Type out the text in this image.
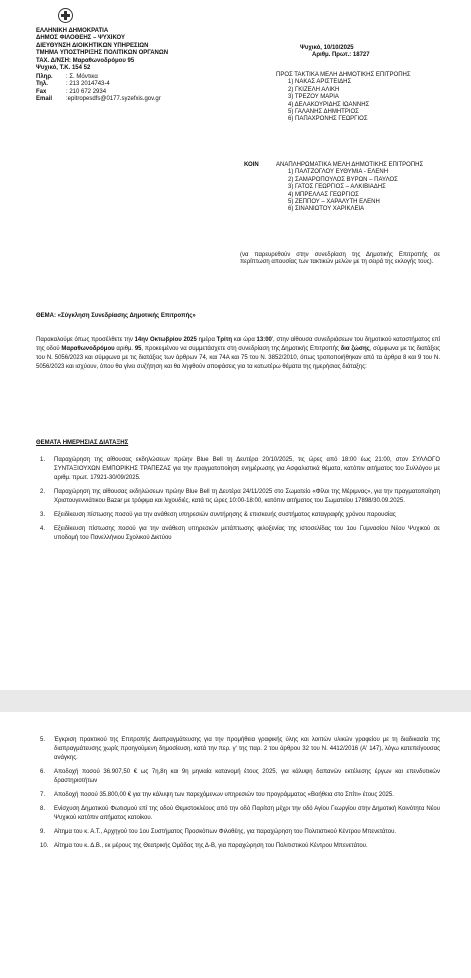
ΕΛΛΗΝΙΚΗ ΔΗΜΟΚΡΑΤΙΑ
ΔΗΜΟΣ ΦΙΛΟΘΕΗΣ – ΨΥΧΙΚΟΥ
ΔΙΕΥΘΥΝΣΗ ΔΙΟΙΚΗΤΙΚΩΝ ΥΠΗΡΕΣΙΩΝ
ΤΜΗΜΑ ΥΠΟΣΤΗΡΙΞΗΣ ΠΟΛΙΤΙΚΩΝ ΟΡΓΑΝΩΝ
ΤΑΧ. Δ/ΝΣΗ: Μαραθωνοδρόμου 95
Ψυχικό, Τ.Κ. 154 52
Πληρ.	: Σ. Μόντικα
Τηλ.	: 213 2014743-4
Fax	: 210 672 2934
Email	:epitropesdfs@0177.syzefxis.gov.gr
Ψυχικό, 10/10/2025
Αριθμ. Πρωτ.: 18727
ΠΡΟΣ ΤΑΚΤΙΚΑ ΜΕΛΗ ΔΗΜΟΤΙΚΗΣ ΕΠΙΤΡΟΠΗΣ
1) ΝΑΚΑΣ ΑΡΙΣΤΕΙΔΗΣ
2) ΓΚΙΖΕΛΗ ΑΛΙΚΗ
3) ΤΡΕΖΟΥ ΜΑΡΙΑ
4) ΔΕΛΑΚΟΥΡΙΔΗΣ ΙΩΑΝΝΗΣ
5) ΓΑΛΑΝΗΣ ΔΗΜΗΤΡΙΟΣ
6) ΠΑΠΑΧΡΟΝΗΣ ΓΕΩΡΓΙΟΣ
ΚΟΙΝ	ΑΝΑΠΛΗΡΩΜΑΤΙΚΑ ΜΕΛΗ ΔΗΜΟΤΙΚΗΣ ΕΠΙΤΡΟΠΗΣ
1) ΠΑΛΤΖΟΓΛΟΥ ΕΥΘΥΜΙΑ - ΕΛΕΝΗ
2) ΣΑΜΑΡΟΠΟΥΛΟΣ ΒΥΡΩΝ – ΠΑΥΛΟΣ
3) ΓΑΤΟΣ ΓΕΩΡΓΙΟΣ – ΑΛΚΙΒΙΑΔΗΣ
4) ΜΠΡΕΛΛΑΣ ΓΕΩΡΓΙΟΣ
5) ΖΕΠΠΟΥ – ΧΑΡΑΛΥΤΗ ΕΛΕΝΗ
6) ΣΙΝΑΝΙΩΤΟΥ ΧΑΡΙΚΛΕΙΑ
(να παρευρεθούν στην συνεδρίαση της Δημοτικής Επιτροπής σε περίπτωση απουσίας των τακτικών μελών με τη σειρά της εκλογής τους).
ΘΕΜΑ: «Σύγκληση Συνεδρίασης Δημοτικής Επιτροπής»
Παρακαλούμε όπως προσέλθετε την 14ην Οκτωβρίου 2025 ημέρα Τρίτη και ώρα 13:00', στην αίθουσα συνεδριάσεων του δημοτικού καταστήματος επί της οδού Μαραθωνοδρόμου αριθμ. 95, προκειμένου να συμμετάσχετε στη συνεδρίαση της Δημοτικής Επιτροπής δια ζώσης, σύμφωνα με τις διατάξεις του Ν. 5056/2023 και σύμφωνα με τις διατάξεις των άρθρων 74, και 74Α και 75 του Ν. 3852/2010, όπως τροποποιήθηκαν από τα άρθρα 8 και 9 του Ν. 5056/2023 και ισχύουν, όπου θα γίνει συζήτηση και θα ληφθούν αποφάσεις για τα κατωτέρω θέματα της ημερήσιας διάταξης:
ΘΕΜΑΤΑ ΗΜΕΡΗΣΙΑΣ ΔΙΑΤΑΞΗΣ
1.	Παραχώρηση της αίθουσας εκδηλώσεων πρώην Blue Bell τη Δευτέρα 20/10/2025, τις ώρες από 18:00 έως 21:00, στον ΣΥΛΛΟΓΟ ΣΥΝΤΑΞΙΟΥΧΩΝ ΕΜΠΟΡΙΚΗΣ ΤΡΑΠΕΖΑΣ για την πραγματοποίηση ενημέρωσης για Ασφαλιστικά θέματα, κατόπιν αιτήματος του Συλλόγου με αριθμ. πρωτ. 17921-30/09/2025.
2.	Παραχώρηση της αίθουσας εκδηλώσεων πρώην Blue Bell τη Δευτέρα 24/11/2025 στο Σωματείο «Φίλοι της Μέριμνας», για την πραγματοποίηση Χριστουγεννιάτικου Bazar με τρόφιμα και λιχουδιές, κατά τις ώρες 10:00-18:00, κατόπιν αιτήματος του Σωματείου 17898/30.09.2025.
3.	Εξειδίκευση πίστωσης ποσού για την ανάθεση υπηρεσιών συντήρησης & επισκευής συστήματος καταγραφής χρόνου παρουσίας
4.	Εξειδίκευση πίστωσης ποσού για την ανάθεση υπηρεσιών μετάπτωσης φιλοξενίας της ιστοσελίδας του 1ου Γυμνασίου Νέου Ψυχικού σε υποδομή του Πανελλήνιου Σχολικού Δικτύου
5.	Έγκριση πρακτικού της Επιτροπής Διαπραγμάτευσης για την προμήθεια γραφικής ύλης και λοιπών υλικών γραφείου με τη διαδικασία της διαπραγμάτευσης χωρίς προηγούμενη δημοσίευση, κατά την περ. γ' της παρ. 2 του άρθρου 32 του Ν. 4412/2016 (Α' 147), λόγω κατεπείγουσας ανάγκης.
6.	Αποδοχή ποσού 36.907,50 € ως 7η,8η και 9η μηνιαία κατανομή έτους 2025, για κάλυψη δαπανών εκτέλεσης έργων και επενδυτικών δραστηριοτήτων
7.	Αποδοχή ποσού 35.800,00 € για την κάλυψη των παρεχόμενων υπηρεσιών του προγράμματος «Βοήθεια στο Σπίτι» έτους 2025.
8.	Ενίσχυση Δημοτικού Φωτισμού επί της οδού Θεμιστοκλέους από την οδό Παρίτση μέχρι την οδό Αγίου Γεωργίου στην Δημοτική Κοινότητα Νέου Ψυχικού κατόπιν αιτήματος κατοίκου.
9.	Αίτημα του κ. Α.Τ., Αρχηγού του 1ου Συστήματος Προσκόπων Φιλοθέης, για παραχώρηση του Πολιτιστικού Κέντρου Μπενετάτου.
10. Αίτημα του κ. Δ.Β., εκ μέρους της Θεατρικής Ομάδας της Δ-Β, για παραχώρηση του Πολιτιστικού Κέντρου Μπενετάτου.
